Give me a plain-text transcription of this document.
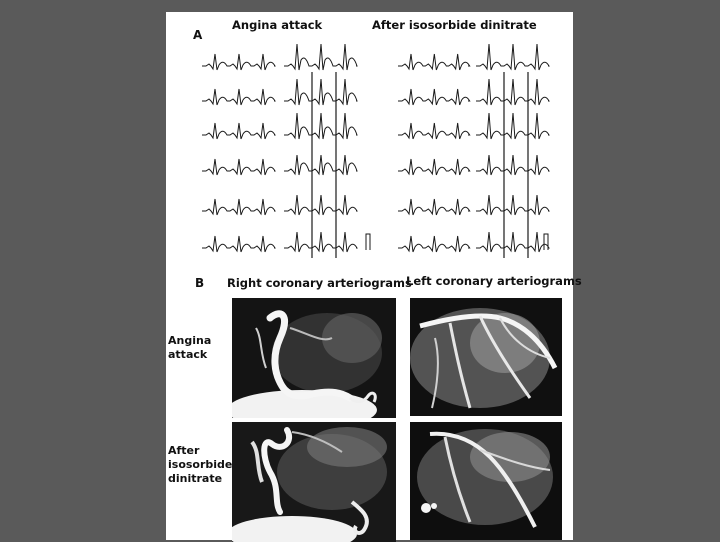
A
Angina attack	After isosorbide dinitrate
B Right coronary arteriograms
Left coronary arteriograms
Angina
attack
After
isosorbide
dinitrate
